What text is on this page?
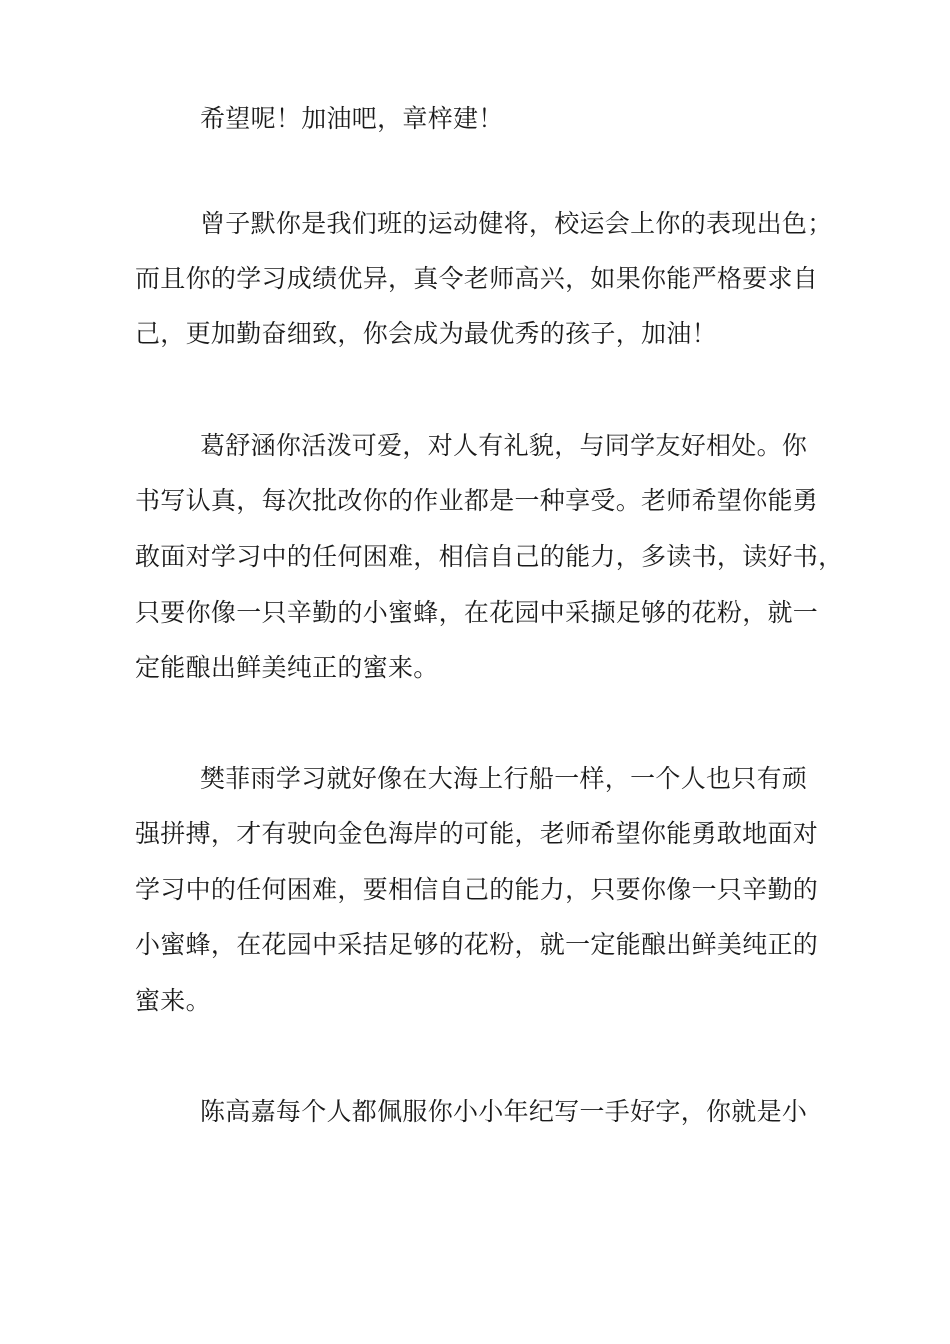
希望呢！加油吧，章梓建！
曾子默你是我们班的运动健将，校运会上你的表现出色；
而且你的学习成绩优异，真令老师高兴，如果你能严格要求自
己，更加勤奋细致，你会成为最优秀的孩子，加油！
葛舒涵你活泼可爱，对人有礼貌，与同学友好相处。你
书写认真，每次批改你的作业都是一种享受。老师希望你能勇
敢面对学习中的任何困难，相信自己的能力，多读书，读好书，
只要你像一只辛勤的小蜜蜂，在花园中采撷足够的花粉，就一
定能酿出鲜美纯正的蜜来。
樊菲雨学习就好像在大海上行船一样，一个人也只有顽
强拼搏，才有驶向金色海岸的可能，老师希望你能勇敢地面对
学习中的任何困难，要相信自己的能力，只要你像一只辛勤的
小蜜蜂，在花园中采拮足够的花粉，就一定能酿出鲜美纯正的
蜜来。
陈高嘉每个人都佩服你小小年纪写一手好字，你就是小
